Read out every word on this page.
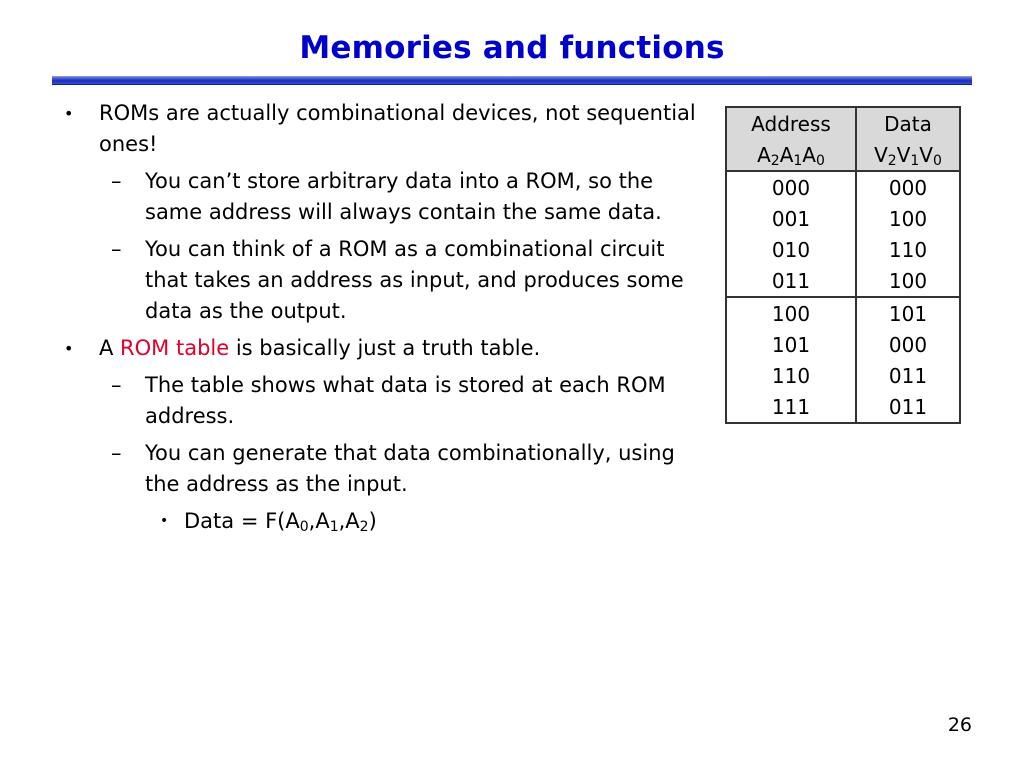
Memories and functions
• ROMs are actually combinational devices, not sequential ones!
– You can’t store arbitrary data into a ROM, so the same address will always contain the same data.
– You can think of a ROM as a combinational circuit that takes an address as input, and produces some data as the output.
• A ROM table is basically just a truth table.
– The table shows what data is stored at each ROM address.
– You can generate that data combinationally, using the address as the input.
• Data = $F(A_0,A_1,A_2)$
Address	Data
$A_2A_1A_0$	$V_2V_1V_0$
000	000
001	100
010	110
011	100
100	101
101	000
110	011
111	011
26
